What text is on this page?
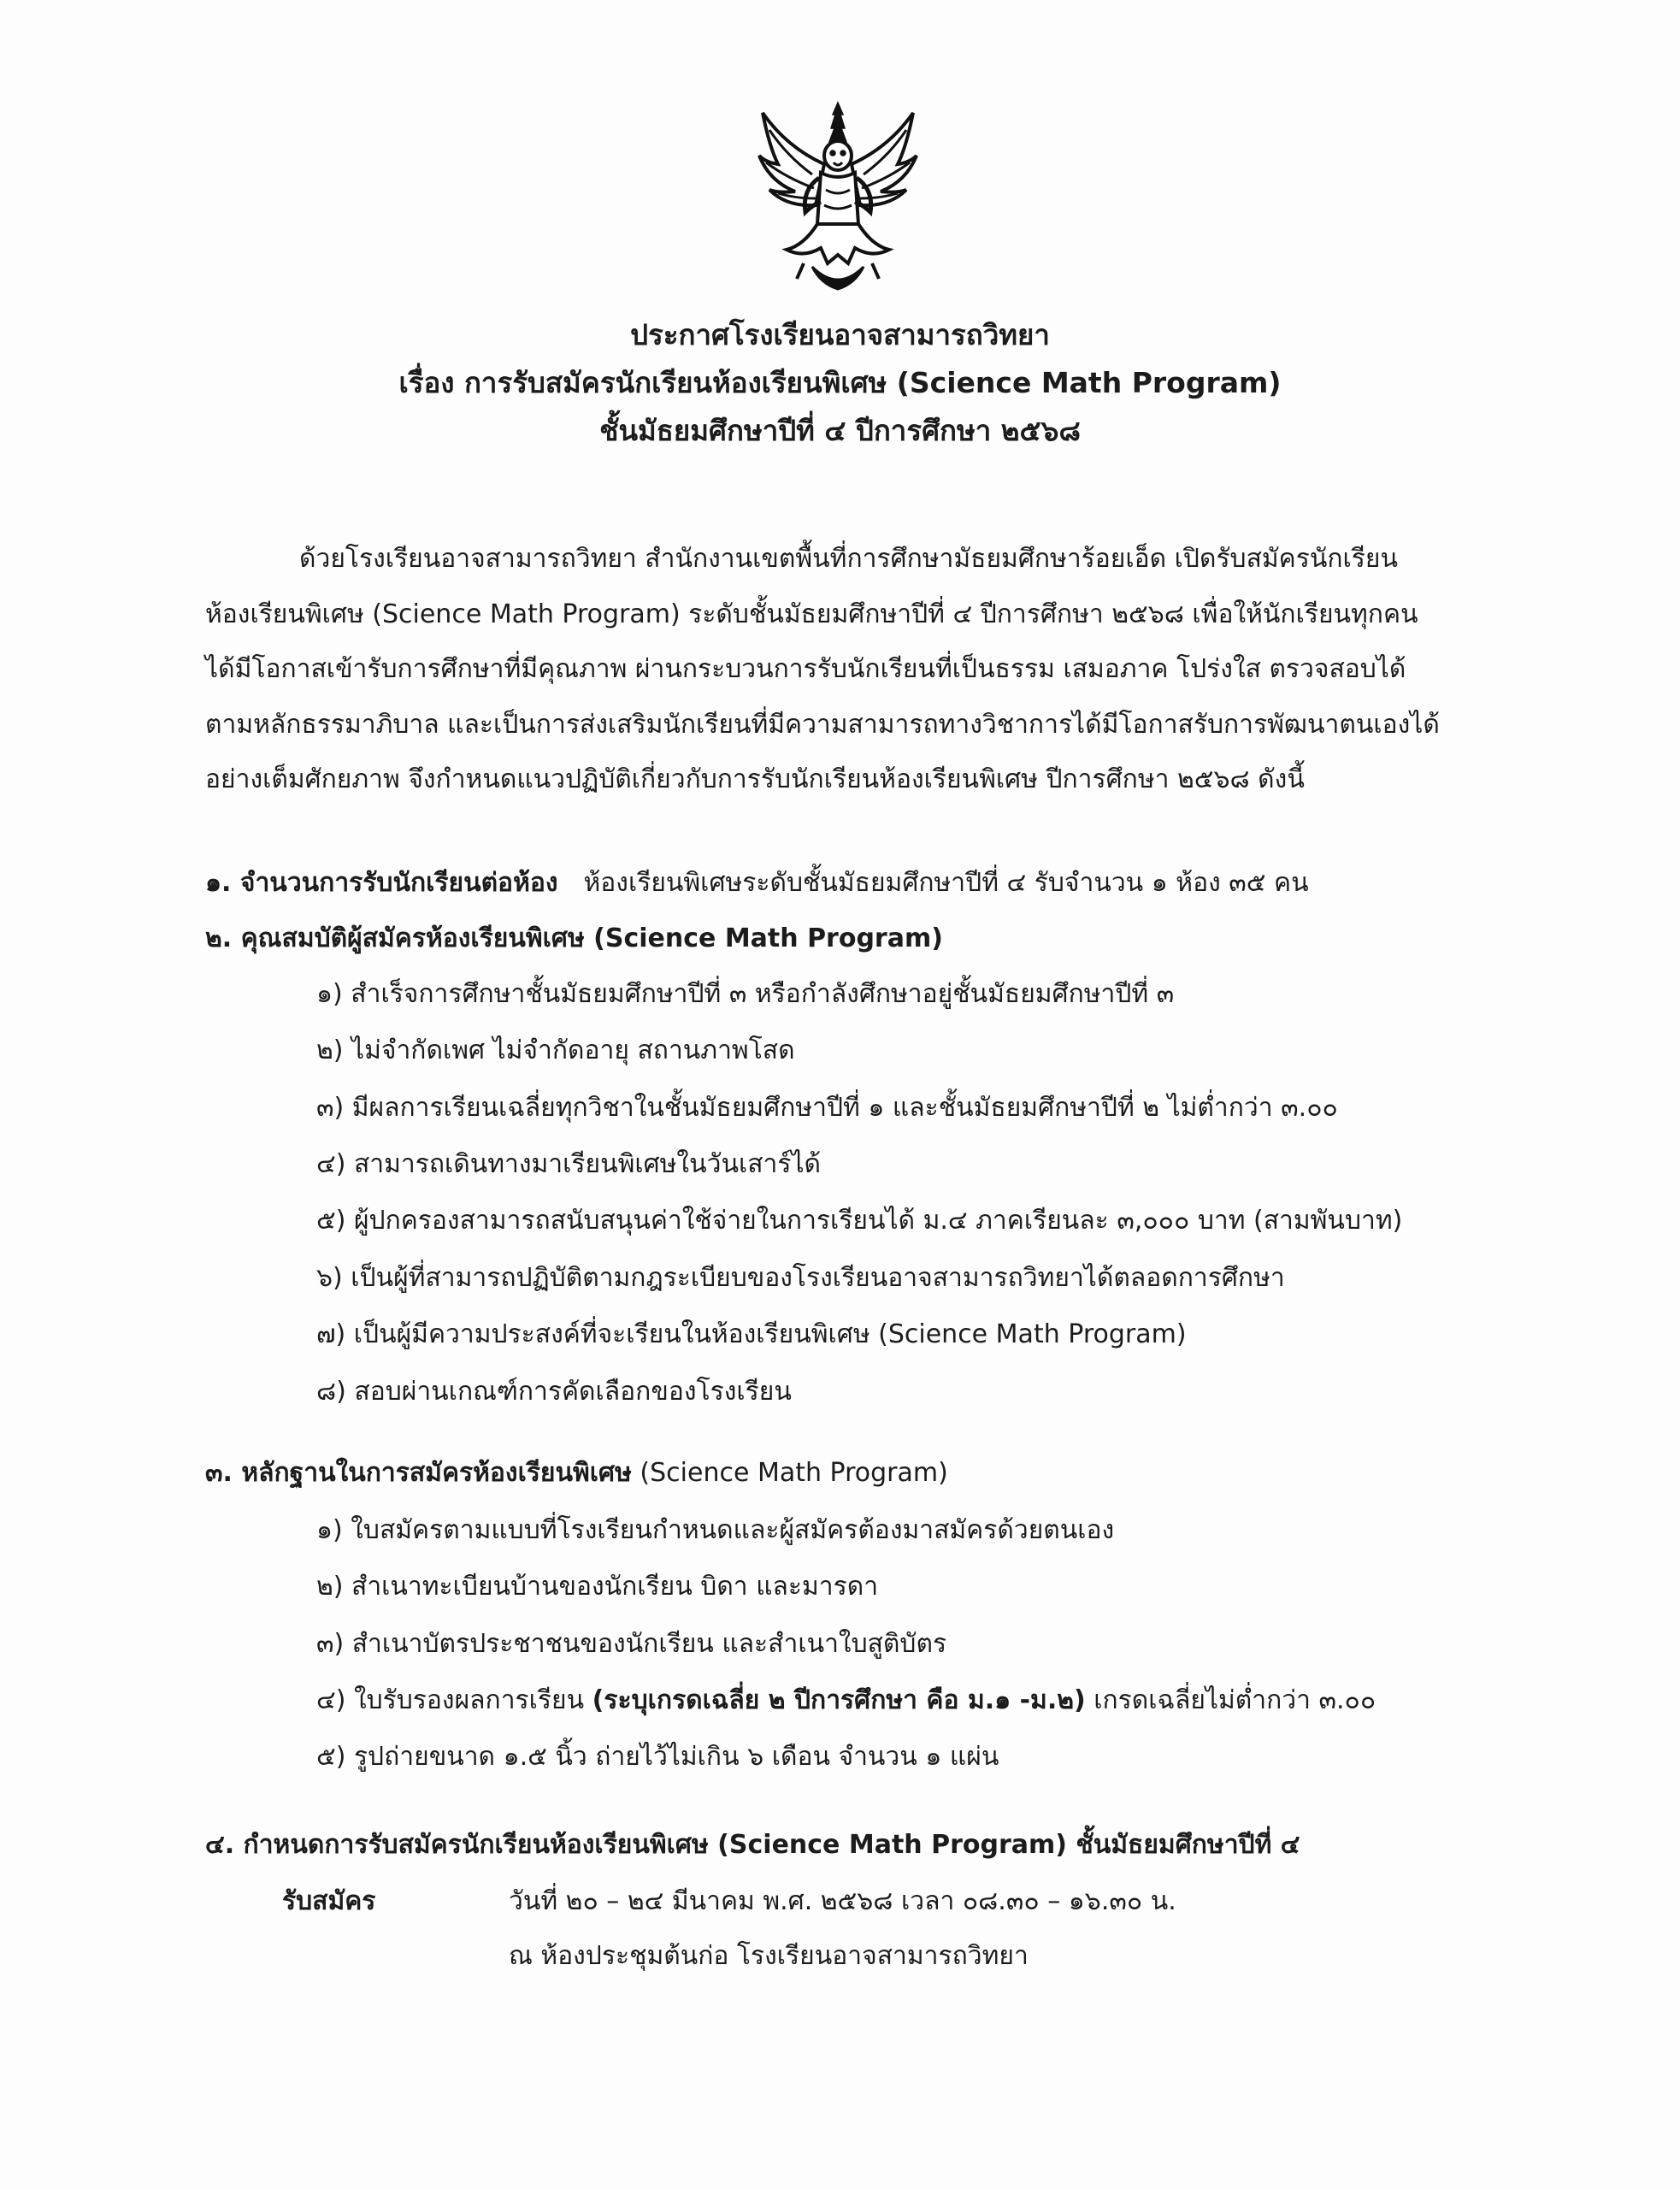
ประกาศโรงเรียนอาจสามารถวิทยา
เรื่อง การรับสมัครนักเรียนห้องเรียนพิเศษ (Science Math Program)
ชั้นมัธยมศึกษาปีที่ ๔ ปีการศึกษา ๒๕๖๘
ด้วยโรงเรียนอาจสามารถวิทยา สำนักงานเขตพื้นที่การศึกษามัธยมศึกษาร้อยเอ็ด เปิดรับสมัครนักเรียน
ห้องเรียนพิเศษ (Science Math Program) ระดับชั้นมัธยมศึกษาปีที่ ๔ ปีการศึกษา ๒๕๖๘ เพื่อให้นักเรียนทุกคน
ได้มีโอกาสเข้ารับการศึกษาที่มีคุณภาพ ผ่านกระบวนการรับนักเรียนที่เป็นธรรม เสมอภาค โปร่งใส ตรวจสอบได้
ตามหลักธรรมาภิบาล และเป็นการส่งเสริมนักเรียนที่มีความสามารถทางวิชาการได้มีโอกาสรับการพัฒนาตนเองได้
อย่างเต็มศักยภาพ จึงกำหนดแนวปฏิบัติเกี่ยวกับการรับนักเรียนห้องเรียนพิเศษ ปีการศึกษา ๒๕๖๘ ดังนี้
๑. จำนวนการรับนักเรียนต่อห้อง ห้องเรียนพิเศษระดับชั้นมัธยมศึกษาปีที่ ๔ รับจำนวน ๑ ห้อง ๓๕ คน
๒. คุณสมบัติผู้สมัครห้องเรียนพิเศษ (Science Math Program)
๑) สำเร็จการศึกษาชั้นมัธยมศึกษาปีที่ ๓ หรือกำลังศึกษาอยู่ชั้นมัธยมศึกษาปีที่ ๓
๒) ไม่จำกัดเพศ ไม่จำกัดอายุ สถานภาพโสด
๓) มีผลการเรียนเฉลี่ยทุกวิชาในชั้นมัธยมศึกษาปีที่ ๑ และชั้นมัธยมศึกษาปีที่ ๒ ไม่ต่ำกว่า ๓.๐๐
๔) สามารถเดินทางมาเรียนพิเศษในวันเสาร์ได้
๕) ผู้ปกครองสามารถสนับสนุนค่าใช้จ่ายในการเรียนได้ ม.๔ ภาคเรียนละ ๓,๐๐๐ บาท (สามพันบาท)
๖) เป็นผู้ที่สามารถปฏิบัติตามกฎระเบียบของโรงเรียนอาจสามารถวิทยาได้ตลอดการศึกษา
๗) เป็นผู้มีความประสงค์ที่จะเรียนในห้องเรียนพิเศษ (Science Math Program)
๘) สอบผ่านเกณฑ์การคัดเลือกของโรงเรียน
๓. หลักฐานในการสมัครห้องเรียนพิเศษ (Science Math Program)
๑) ใบสมัครตามแบบที่โรงเรียนกำหนดและผู้สมัครต้องมาสมัครด้วยตนเอง
๒) สำเนาทะเบียนบ้านของนักเรียน บิดา และมารดา
๓) สำเนาบัตรประชาชนของนักเรียน และสำเนาใบสูติบัตร
๔) ใบรับรองผลการเรียน (ระบุเกรดเฉลี่ย ๒ ปีการศึกษา คือ ม.๑ -ม.๒) เกรดเฉลี่ยไม่ต่ำกว่า ๓.๐๐
๕) รูปถ่ายขนาด ๑.๕ นิ้ว ถ่ายไว้ไม่เกิน ๖ เดือน จำนวน ๑ แผ่น
๔. กำหนดการรับสมัครนักเรียนห้องเรียนพิเศษ (Science Math Program) ชั้นมัธยมศึกษาปีที่ ๔
รับสมัคร	วันที่ ๒๐ – ๒๔ มีนาคม พ.ศ. ๒๕๖๘ เวลา ๐๘.๓๐ – ๑๖.๓๐ น.
ณ ห้องประชุมต้นก่อ โรงเรียนอาจสามารถวิทยา
